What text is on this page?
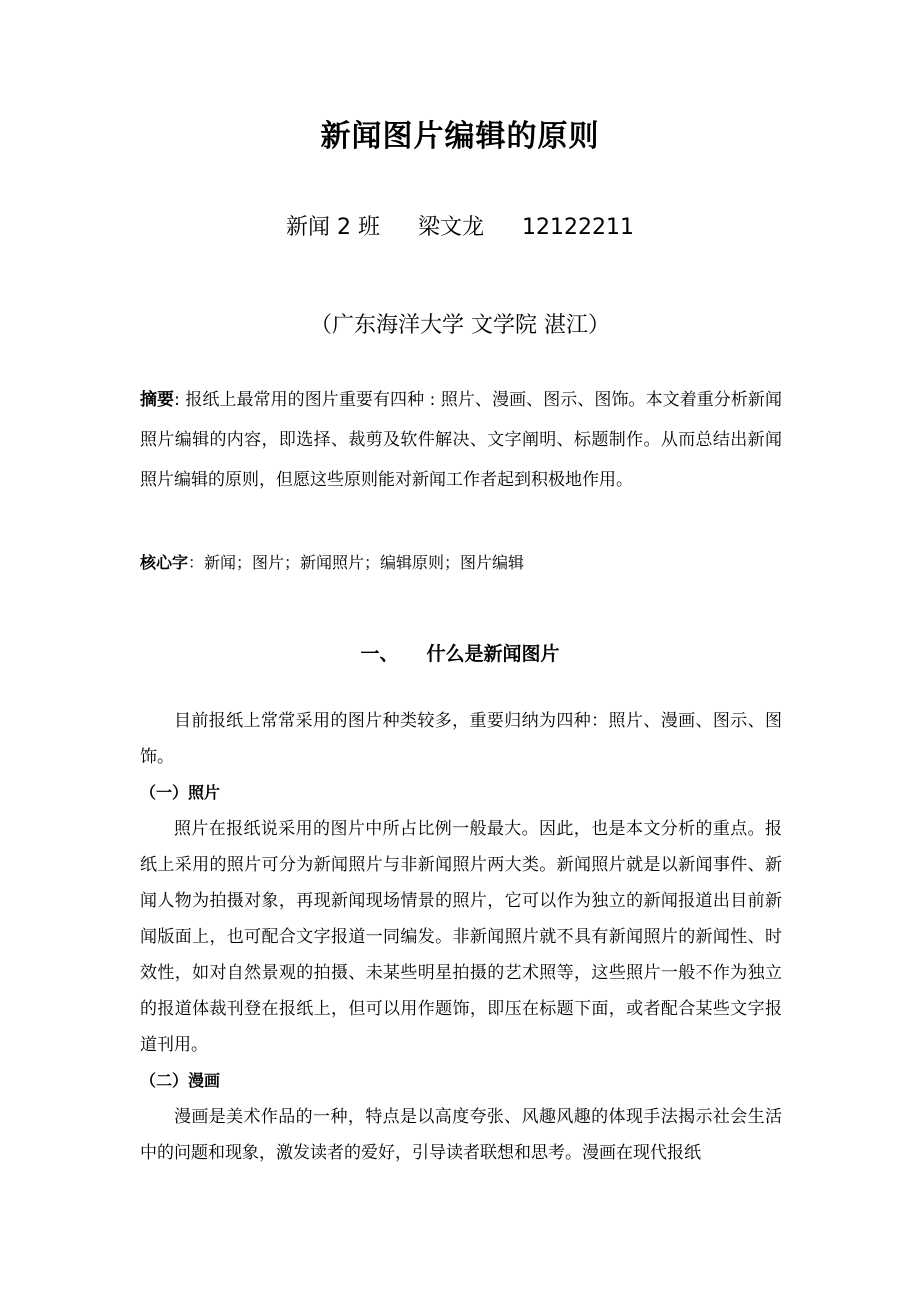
新闻图片编辑的原则
新闻 2 班 梁文龙 12122211
（广东海洋大学 文学院 湛江）
摘要: 报纸上最常用的图片重要有四种 : 照片、漫画、图示、图饰。本文着重分析新闻照片编辑的内容，即选择、裁剪及软件解决、文字阐明、标题制作。从而总结出新闻照片编辑的原则，但愿这些原则能对新闻工作者起到积极地作用。
核心字：新闻；图片；新闻照片；编辑原则；图片编辑
一、 什么是新闻图片

目前报纸上常常采用的图片种类较多，重要归纳为四种：照片、漫画、图示、图饰。

（一）照片

照片在报纸说采用的图片中所占比例一般最大。因此，也是本文分析的重点。报纸上采用的照片可分为新闻照片与非新闻照片两大类。新闻照片就是以新闻事件、新闻人物为拍摄对象，再现新闻现场情景的照片，它可以作为独立的新闻报道出目前新闻版面上，也可配合文字报道一同编发。非新闻照片就不具有新闻照片的新闻性、时效性，如对自然景观的拍摄、未某些明星拍摄的艺术照等，这些照片一般不作为独立的报道体裁刊登在报纸上，但可以用作题饰，即压在标题下面，或者配合某些文字报道刊用。

（二）漫画

漫画是美术作品的一种，特点是以高度夸张、风趣风趣的体现手法揭示社会生活中的问题和现象，激发读者的爱好，引导读者联想和思考。漫画在现代报纸
